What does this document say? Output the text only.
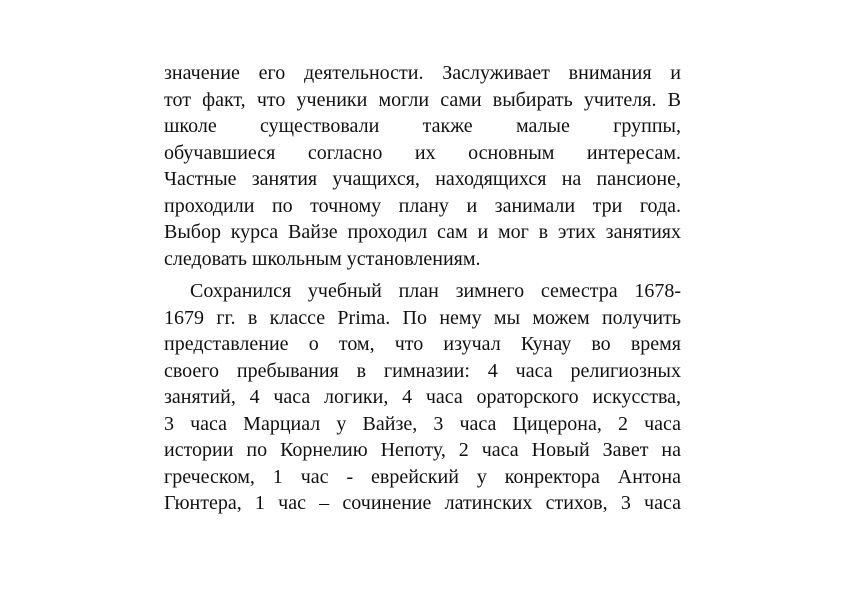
значение его деятельности. Заслуживает внимания и
тот факт, что ученики могли сами выбирать учителя. В
школе существовали также малые группы,
обучавшиеся согласно их основным интересам.
Частные занятия учащихся, находящихся на пансионе,
проходили по точному плану и занимали три года.
Выбор курса Вайзе проходил сам и мог в этих занятиях
следовать школьным установлениям.
Сохранился учебный план зимнего семестра 1678-
1679 гг. в классе Prima. По нему мы можем получить
представление о том, что изучал Кунау во время
своего пребывания в гимназии: 4 часа религиозных
занятий, 4 часа логики, 4 часа ораторского искусства,
3 часа Марциал у Вайзе, 3 часа Цицерона, 2 часа
истории по Корнелию Непоту, 2 часа Новый Завет на
греческом, 1 час - еврейский у конректора Антона
Гюнтера, 1 час – сочинение латинских стихов, 3 часа
